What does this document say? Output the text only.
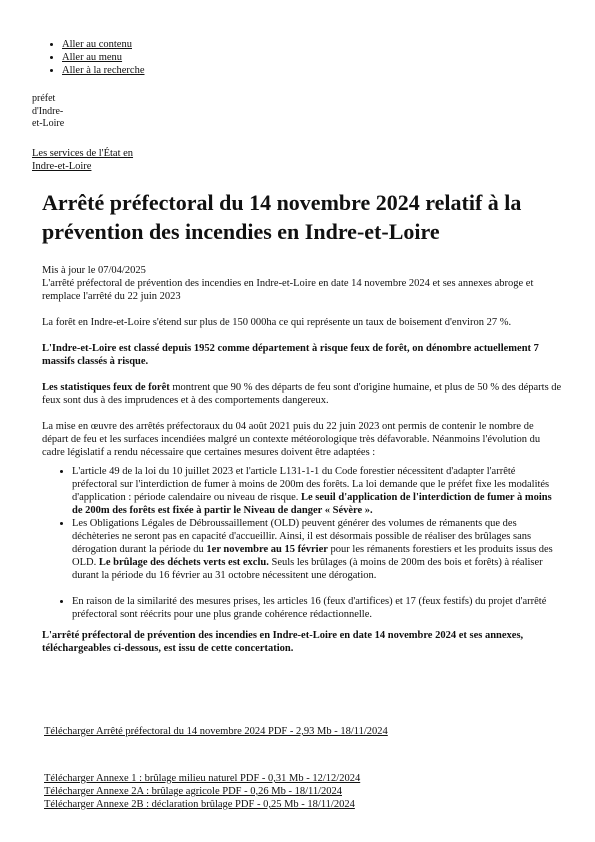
• Aller au contenu
• Aller au menu
• Aller à la recherche
préfet
d'Indre-
et-Loire
Les services de l'État en
Indre-et-Loire
Arrêté préfectoral du 14 novembre 2024 relatif à la prévention des incendies en Indre-et-Loire

Mis à jour le 07/04/2025

L'arrêté préfectoral de prévention des incendies en Indre-et-Loire en date 14 novembre 2024 et ses annexes abroge et remplace l'arrêté du 22 juin 2023

La forêt en Indre-et-Loire s'étend sur plus de 150 000ha ce qui représente un taux de boisement d'environ 27 %.

L'Indre-et-Loire est classé depuis 1952 comme département à risque feux de forêt, on dénombre actuellement 7 massifs classés à risque.

Les statistiques feux de forêt montrent que 90 % des départs de feu sont d'origine humaine, et plus de 50 % des départs de feux sont dus à des imprudences et à des comportements dangereux.

La mise en œuvre des arrêtés préfectoraux du 04 août 2021 puis du 22 juin 2023 ont permis de contenir le nombre de départ de feu et les surfaces incendiées malgré un contexte météorologique très défavorable. Néanmoins l'évolution du cadre législatif a rendu nécessaire que certaines mesures doivent être adaptées :

• L'article 49 de la loi du 10 juillet 2023 et l'article L131-1-1 du Code forestier nécessitent d'adapter l'arrêté préfectoral sur l'interdiction de fumer à moins de 200m des forêts. La loi demande que le préfet fixe les modalités d'application : période calendaire ou niveau de risque. Le seuil d'application de l'interdiction de fumer à moins de 200m des forêts est fixée à partir le Niveau de danger « Sévère ».
• Les Obligations Légales de Débroussaillement (OLD) peuvent générer des volumes de rémanents que des déchèteries ne seront pas en capacité d'accueillir. Ainsi, il est désormais possible de réaliser des brûlages sans dérogation durant la période du 1er novembre au 15 février pour les rémanents forestiers et les produits issus des OLD. Le brûlage des déchets verts est exclu. Seuls les brûlages (à moins de 200m des bois et forêts) à réaliser durant la période du 16 février au 31 octobre nécessitent une dérogation.
• En raison de la similarité des mesures prises, les articles 16 (feux d'artifices) et 17 (feux festifs) du projet d'arrêté préfectoral sont réécrits pour une plus grande cohérence rédactionnelle.

L'arrêté préfectoral de prévention des incendies en Indre-et-Loire en date 14 novembre 2024 et ses annexes, téléchargeables ci-dessous, est issu de cette concertation.

Télécharger Arrêté préfectoral du 14 novembre 2024 PDF - 2,93 Mb - 18/11/2024
Télécharger Annexe 1 : brûlage milieu naturel PDF - 0,31 Mb - 12/12/2024
Télécharger Annexe 2A : brûlage agricole PDF - 0,26 Mb - 18/11/2024
Télécharger Annexe 2B : déclaration brûlage PDF - 0,25 Mb - 18/11/2024
